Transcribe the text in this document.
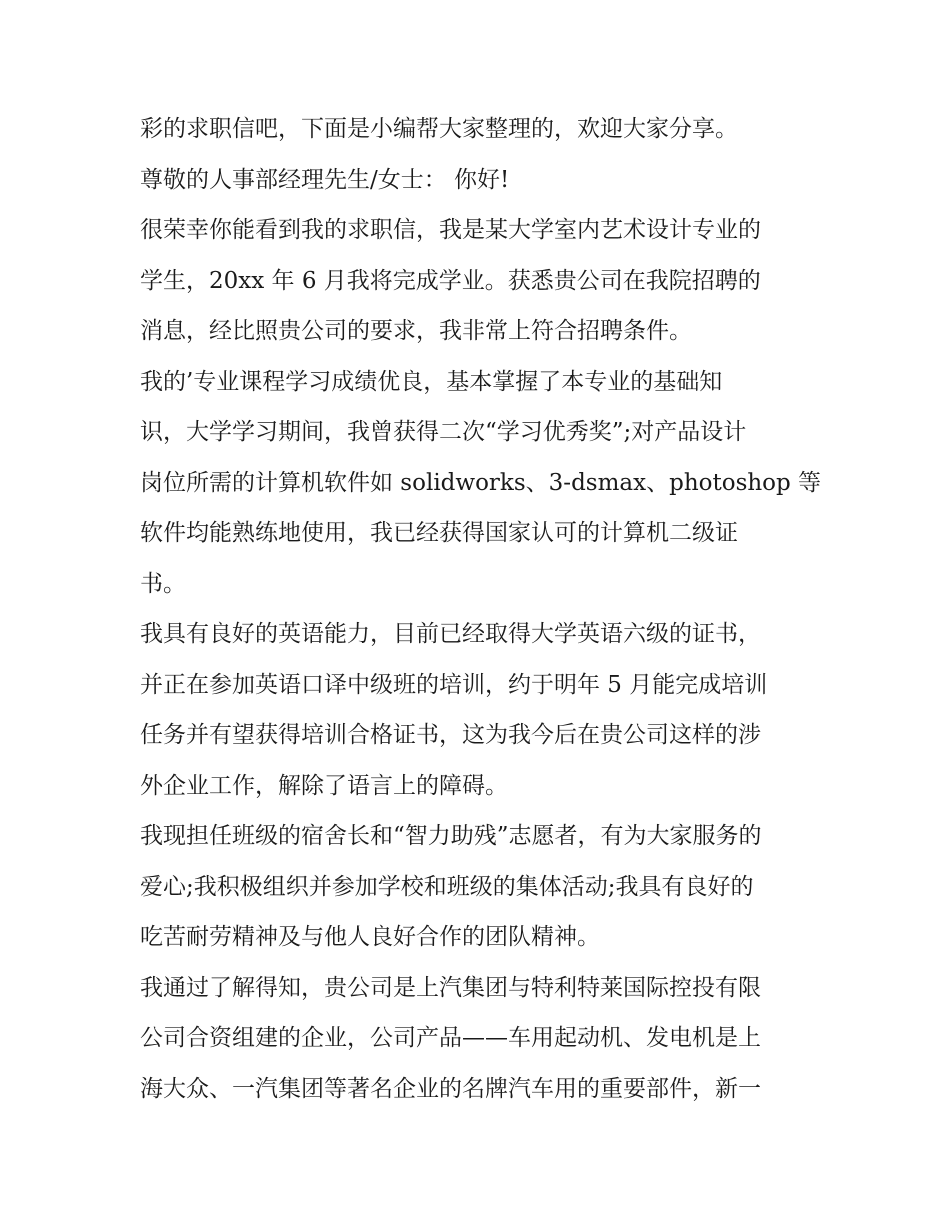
彩的求职信吧，下面是小编帮大家整理的，欢迎大家分享。
尊敬的人事部经理先生/女士： 你好!
很荣幸你能看到我的求职信，我是某大学室内艺术设计专业的
学生，20xx 年 6 月我将完成学业。获悉贵公司在我院招聘的
消息，经比照贵公司的要求，我非常上符合招聘条件。
我的’专业课程学习成绩优良，基本掌握了本专业的基础知
识，大学学习期间，我曾获得二次“学习优秀奖”;对产品设计
岗位所需的计算机软件如 solidworks、3-dsmax、photoshop 等
软件均能熟练地使用，我已经获得国家认可的计算机二级证
书。
我具有良好的英语能力，目前已经取得大学英语六级的证书，
并正在参加英语口译中级班的培训，约于明年 5 月能完成培训
任务并有望获得培训合格证书，这为我今后在贵公司这样的涉
外企业工作，解除了语言上的障碍。
我现担任班级的宿舍长和“智力助残”志愿者，有为大家服务的
爱心;我积极组织并参加学校和班级的集体活动;我具有良好的
吃苦耐劳精神及与他人良好合作的团队精神。
我通过了解得知，贵公司是上汽集团与特利特莱国际控投有限
公司合资组建的企业，公司产品——车用起动机、发电机是上
海大众、一汽集团等著名企业的名牌汽车用的重要部件，新一
